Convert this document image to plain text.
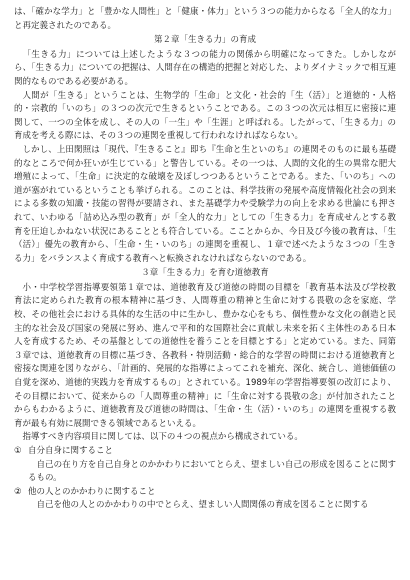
は、「確かな学力」と「豊かな人間性」と「健康・体力」という３つの能力からなる「全人的な力」と再定義されたのである。

第２章「生きる力」の育成

「生きる力」については上述したような３つの能力の関係から明確になってきた。しかしながら、「生きる力」についての把握は、人間存在の構造的把握と対応した、よりダイナミックで相互連関的なものである必要がある。

人間が「生きる」ということは、生物学的「生命」と文化・社会的「生（活）」と道徳的・人格的・宗教的「いのち」の３つの次元で生きるということである。この３つの次元は相互に密接に連関して、一つの全体を成し、その人の「一生」や「生涯」と呼ばれる。したがって、「生きる力」の育成を考える際には、その３つの連関を重視して行われなければならない。

しかし、上田閑照は「現代、『生きること』即ち『生命と生といのち』の連関そのものに最も基礎的なところで何か狂いが生じている」と警告している。その一つは、人間的文化的生の異常な肥大増殖によって、「生命」に決定的な破壊を及ぼしつつあるということである。また、「いのち」への道が塞がれているということも挙げられる。このことは、科学技術の発展や高度情報化社会の到来による多数の知識・技能の習得が要請され、また基礎学力や受験学力の向上を求める世論にも押されて、いわゆる「詰め込み型の教育」が「全人的な力」としての「生きる力」を育成せんとする教育を圧迫しかねない状況にあることとも符合している。こことからか、今日及び今後の教育は、「生（活）」優先の教育から、「生命・生・いのち」の連関を重視し、１章で述べたような３つの「生きる力」をバランスよく育成する教育へと転換されなければならないのである。

３章「生きる力」を育む道徳教育

小・中学校学習指導要領第１章では、道徳教育及び道徳の時間の目標を「教育基本法及び学校教育法に定められた教育の根本精神に基づき、人間尊重の精神と生命に対する畏敬の念を家庭、学校、その他社会における具体的な生活の中に生かし、豊かな心をもち、個性豊かな文化の創造と民主的な社会及び国家の発展に努め、進んで平和的な国際社会に貢献し未来を拓く主体性のある日本人を育成するため、その基盤としての道徳性を養うことを目標とする」と定めている。また、同第３章では、道徳教育の目標に基づき、各教科・特別活動・総合的な学習の時間における道徳教育と密接な関連を図りながら、「計画的、発展的な指導によってこれを補充、深化、統合し、道徳価値の自覚を深め、道徳的実践力を育成するもの」とされている。1989年の学習指導要領の改訂により、その目標において、従来からの「人間尊重の精神」に「生命に対する畏敬の念」が付加されたことからもわかるように、道徳教育及び道徳の時間は、「生命・生（活）・いのち」の連関を重視する教育が最も有効に展開できる領域であるといえる。

指導すべき内容項目に関しては、以下の４つの視点から構成されている。

① 自分自身に関すること

自己の在り方を自己自身とのかかわりにおいてとらえ、望ましい自己の形成を図ることに関するもの。

② 他の人とのかかわりに関すること

自己を他の人とのかかわりの中でとらえ、望ましい人間関係の育成を図ることに関する
